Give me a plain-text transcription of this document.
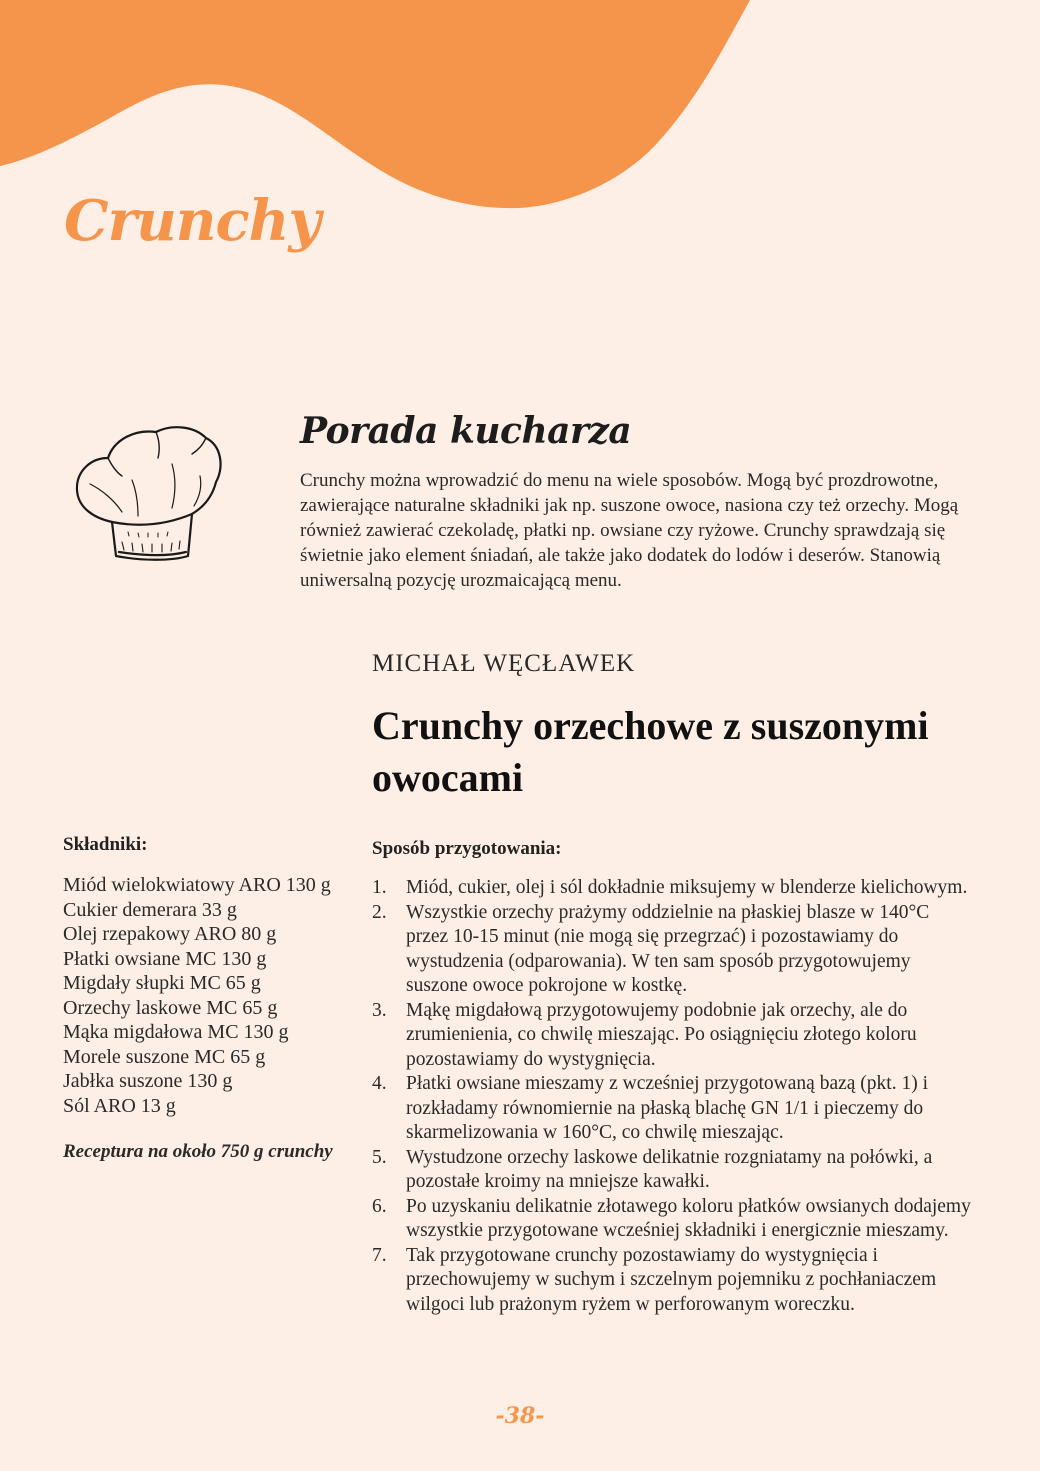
Crunchy
Porada kucharza

Crunchy można wprowadzić do menu na wiele sposobów. Mogą być prozdrowotne, zawierające naturalne składniki jak np. suszone owoce, nasiona czy też orzechy. Mogą również zawierać czekoladę, płatki np. owsiane czy ryżowe. Crunchy sprawdzają się świetnie jako element śniadań, ale także jako dodatek do lodów i deserów. Stanowią uniwersalną pozycję urozmaicającą menu.

MICHAŁ WĘCŁAWEK

Crunchy orzechowe z suszonymi owocami
Składniki:
Miód wielokwiatowy ARO 130 g
Cukier demerara 33 g
Olej rzepakowy ARO 80 g
Płatki owsiane MC 130 g
Migdały słupki MC 65 g
Orzechy laskowe MC 65 g
Mąka migdałowa MC 130 g
Morele suszone MC 65 g
Jabłka suszone 130 g
Sól ARO 13 g

Receptura na około 750 g crunchy

Sposób przygotowania:
1. Miód, cukier, olej i sól dokładnie miksujemy w blenderze kielichowym.
2. Wszystkie orzechy prażymy oddzielnie na płaskiej blasze w 140°C przez 10-15 minut (nie mogą się przegrzać) i pozostawiamy do wystudzenia (odparowania). W ten sam sposób przygotowujemy suszone owoce pokrojone w kostkę.
3. Mąkę migdałową przygotowujemy podobnie jak orzechy, ale do zrumienienia, co chwilę mieszając. Po osiągnięciu złotego koloru pozostawiamy do wystygnięcia.
4. Płatki owsiane mieszamy z wcześniej przygotowaną bazą (pkt. 1) i rozkładamy równomiernie na płaską blachę GN 1/1 i pieczemy do skarmelizowania w 160°C, co chwilę mieszając.
5. Wystudzone orzechy laskowe delikatnie rozgniatamy na połówki, a pozostałe kroimy na mniejsze kawałki.
6. Po uzyskaniu delikatnie złotawego koloru płatków owsianych dodajemy wszystkie przygotowane wcześniej składniki i energicznie mieszamy.
7. Tak przygotowane crunchy pozostawiamy do wystygnięcia i przechowujemy w suchym i szczelnym pojemniku z pochłaniaczem wilgoci lub prażonym ryżem w perforowanym woreczku.

-38-
